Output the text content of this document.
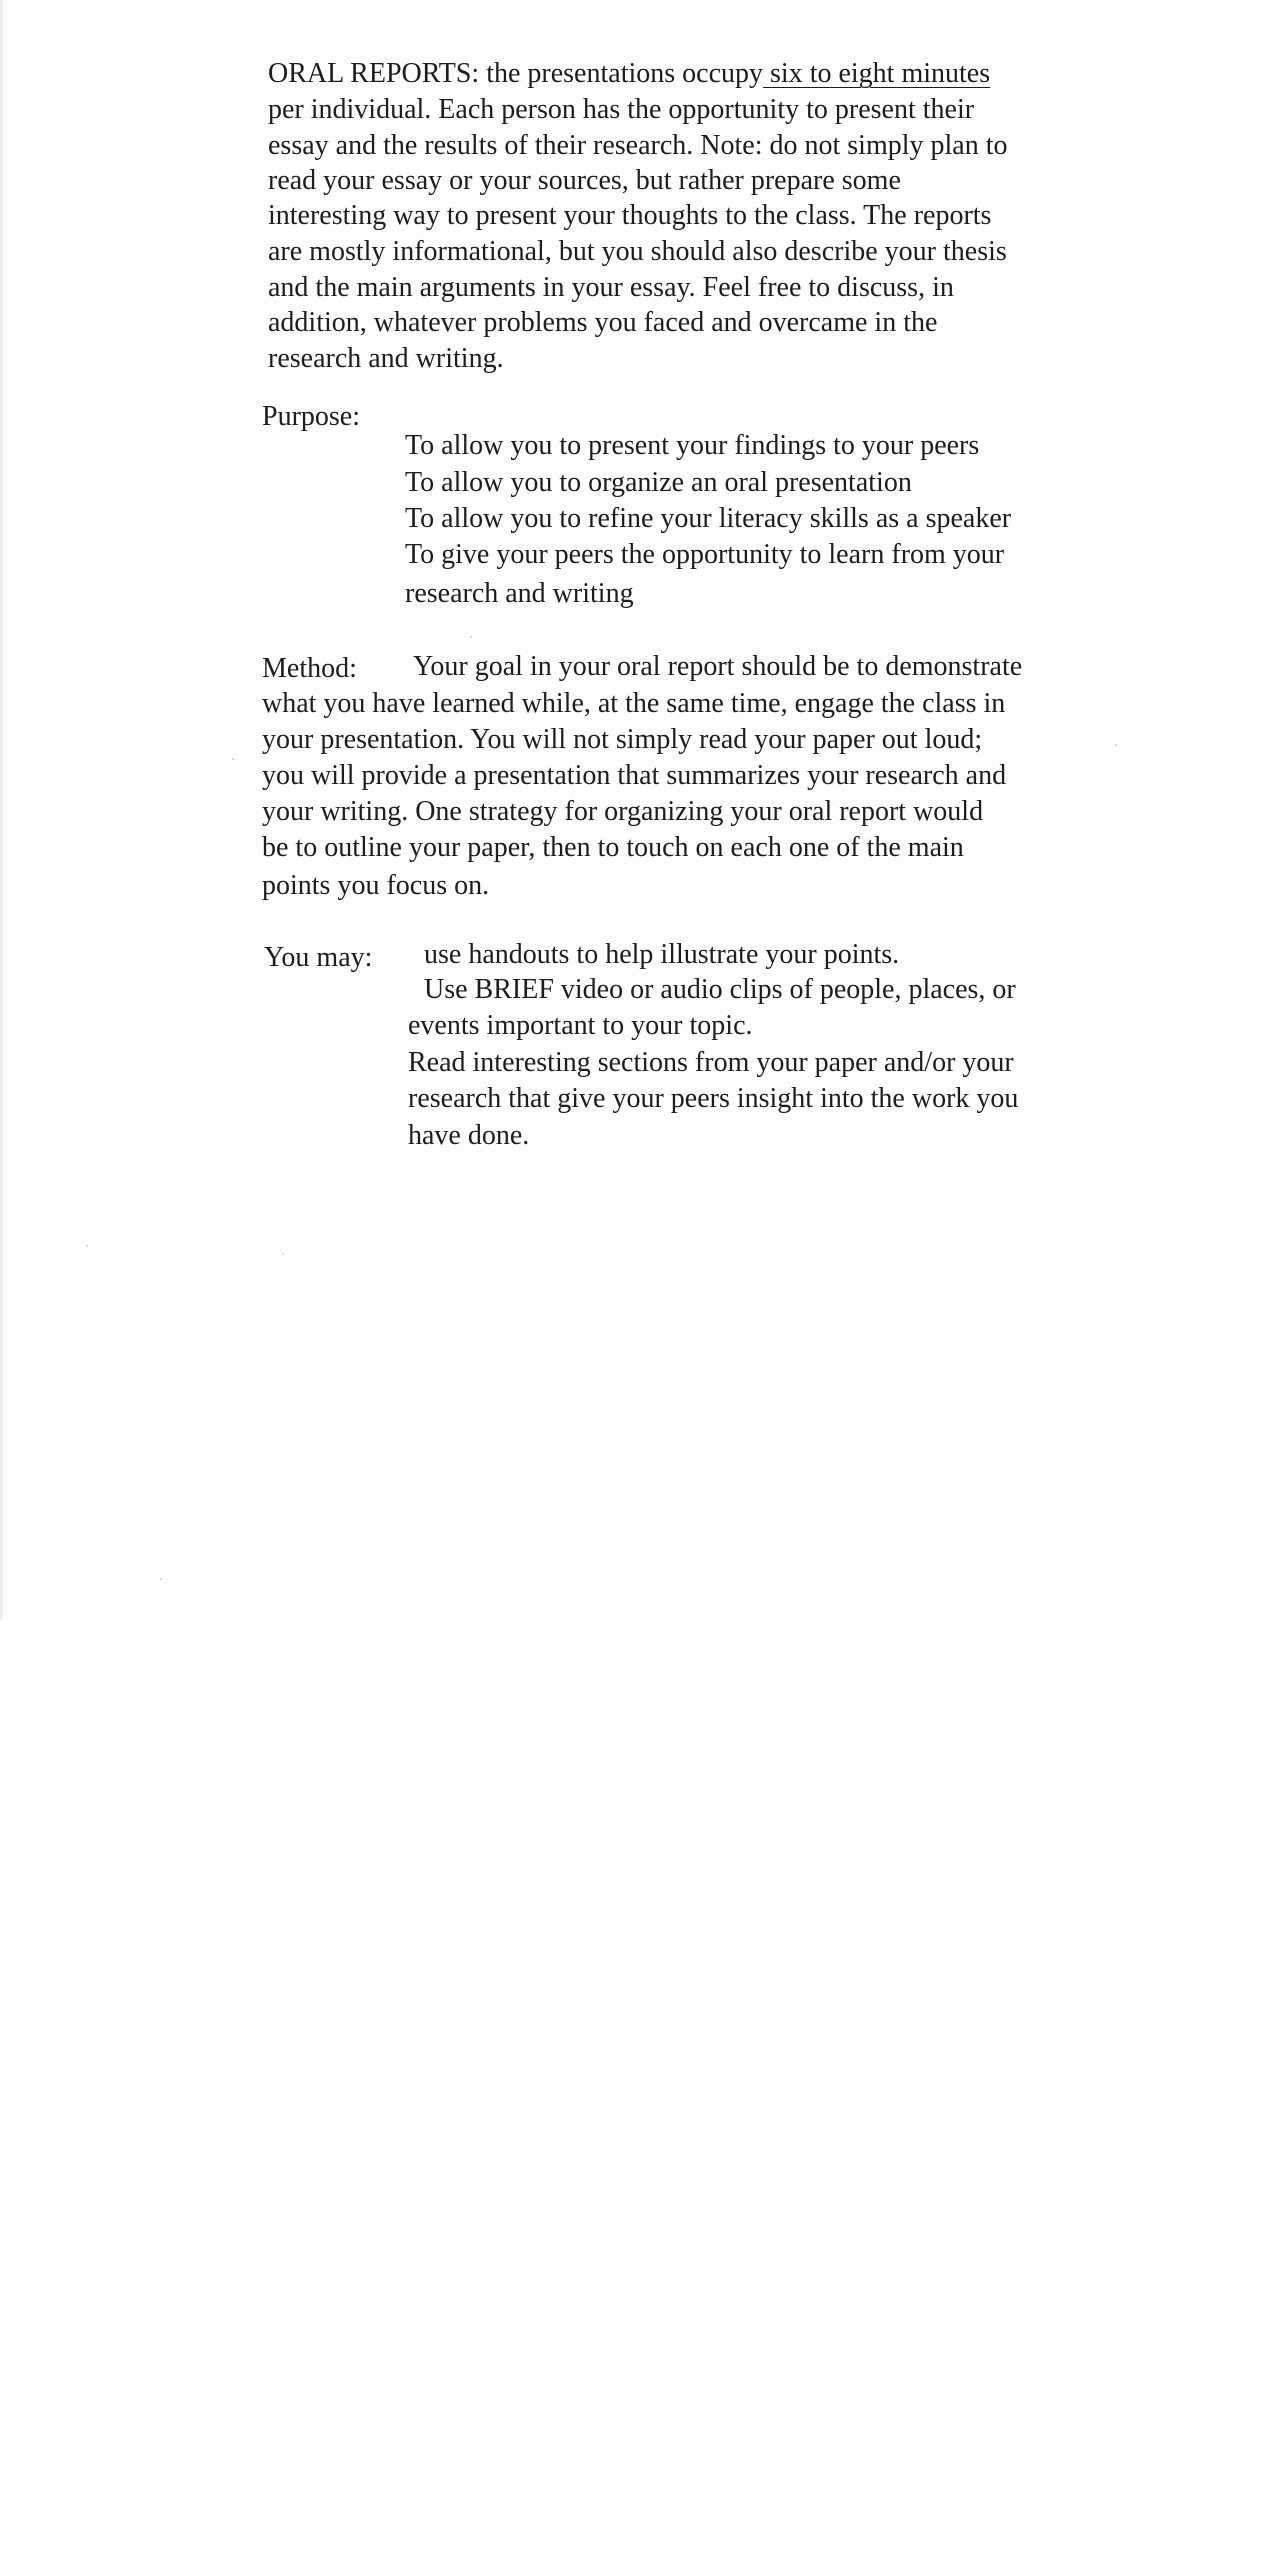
ORAL REPORTS: the presentations occupy six to eight minutes
per individual. Each person has the opportunity to present their
essay and the results of their research. Note: do not simply plan to
read your essay or your sources, but rather prepare some
interesting way to present your thoughts to the class. The reports
are mostly informational, but you should also describe your thesis
and the main arguments in your essay. Feel free to discuss, in
addition, whatever problems you faced and overcame in the
research and writing.
Purpose:
To allow you to present your findings to your peers
To allow you to organize an oral presentation
To allow you to refine your literacy skills as a speaker
To give your peers the opportunity to learn from your
research and writing
Method: Your goal in your oral report should be to demonstrate
what you have learned while, at the same time, engage the class in
your presentation. You will not simply read your paper out loud;
you will provide a presentation that summarizes your research and
your writing. One strategy for organizing your oral report would
be to outline your paper, then to touch on each one of the main
points you focus on.
You may: use handouts to help illustrate your points.
Use BRIEF video or audio clips of people, places, or
events important to your topic.
Read interesting sections from your paper and/or your
research that give your peers insight into the work you
have done.
